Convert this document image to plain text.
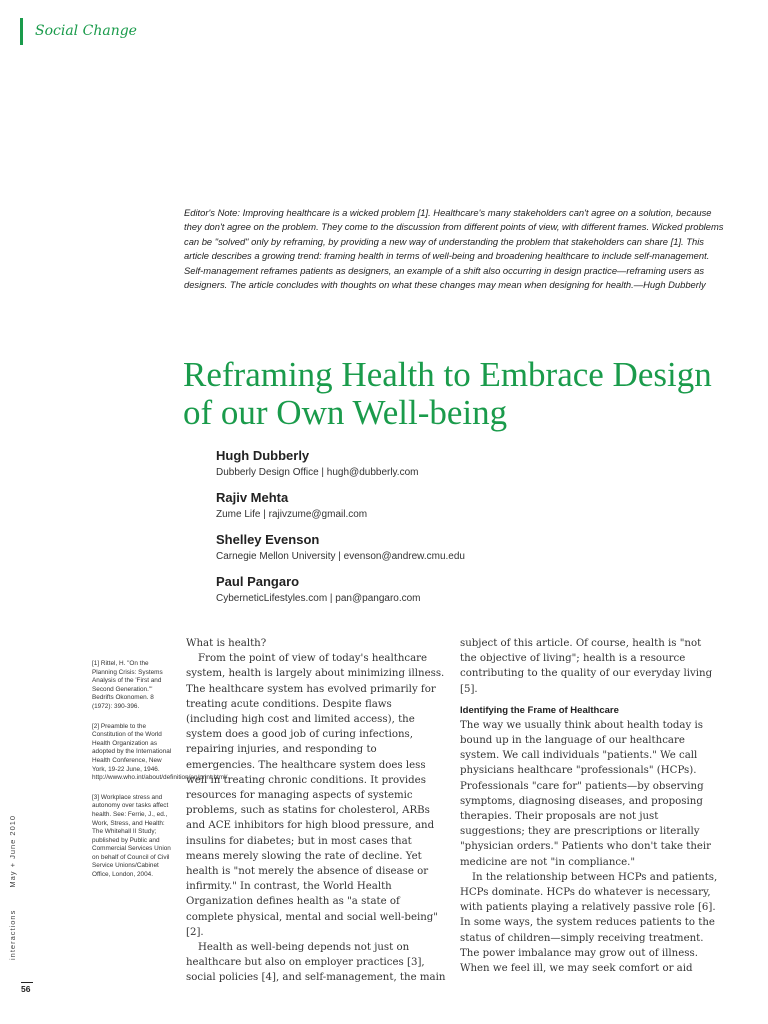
Social Change

Editor's Note: Improving healthcare is a wicked problem [1]. Healthcare's many stakeholders can't agree on a solution, because they don't agree on the problem. They come to the discussion from different points of view, with different frames. Wicked problems can be "solved" only by reframing, by providing a new way of understanding the problem that stakeholders can share [1]. This article describes a growing trend: framing health in terms of well-being and broadening healthcare to include self-management. Self-management reframes patients as designers, an example of a shift also occurring in design practice—reframing users as designers. The article concludes with thoughts on what these changes may mean when designing for health.—Hugh Dubberly

Reframing Health to Embrace Design of our Own Well-being
Hugh Dubberly
Dubberly Design Office | hugh@dubberly.com
Rajiv Mehta
Zume Life | rajivzume@gmail.com
Shelley Evenson
Carnegie Mellon University | evenson@andrew.cmu.edu
Paul Pangaro
CyberneticLifestyles.com | pan@pangaro.com

[1] Rittel, H. "On the Planning Crisis: Systems Analysis of the 'First and Second Generation.'" Bedrifts Okonomen. 8 (1972): 390-396.

[2] Preamble to the Constitution of the World Health Organization as adopted by the International Health Conference, New York, 19-22 June, 1946. http://www.who.int/about/definition/en/print.html/

[3] Workplace stress and autonomy over tasks affect health. See: Ferrie, J., ed., Work, Stress, and Health: The Whitehall II Study; published by Public and Commercial Services Union on behalf of Council of Civil Service Unions/Cabinet Office, London, 2004.

interactionsMay + June 2010
56

What is health?

From the point of view of today's healthcare system, health is largely about minimizing illness. The healthcare system has evolved primarily for treating acute conditions. Despite flaws (including high cost and limited access), the system does a good job of curing infections, repairing injuries, and responding to emergencies. The healthcare system does less well in treating chronic conditions. It provides resources for managing aspects of systemic problems, such as statins for cholesterol, ARBs and ACE inhibitors for high blood pressure, and insulins for diabetes; but in most cases that means merely slowing the rate of decline. Yet health is "not merely the absence of disease or infirmity." In contrast, the World Health Organization defines health as "a state of complete physical, mental and social well-being" [2].

Health as well-being depends not just on healthcare but also on employer practices [3], social policies [4], and self-management, the main

subject of this article. Of course, health is "not the objective of living"; health is a resource contributing to the quality of our everyday living [5].

Identifying the Frame of Healthcare

The way we usually think about health today is bound up in the language of our healthcare system. We call individuals "patients." We call physicians healthcare "professionals" (HCPs). Professionals "care for" patients—by observing symptoms, diagnosing diseases, and proposing therapies. Their proposals are not just suggestions; they are prescriptions or literally "physician orders." Patients who don't take their medicine are not "in compliance."

In the relationship between HCPs and patients, HCPs dominate. HCPs do whatever is necessary, with patients playing a relatively passive role [6]. In some ways, the system reduces patients to the status of children—simply receiving treatment. The power imbalance may grow out of illness. When we feel ill, we may seek comfort or aid
